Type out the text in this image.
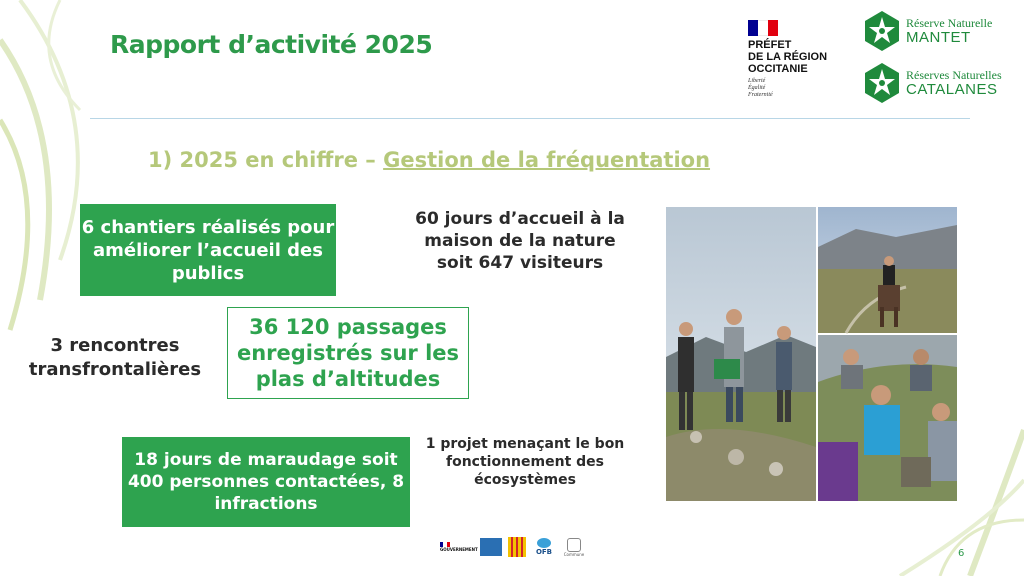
Rapport d’activité 2025	PRÉFET
DE LA RÉGION
OCCITANIE
Liberté
Égalité
Fraternité
Réserve Naturelle
MANTET
Réserves Naturelles
CATALANES
1) 2025 en chiffre – Gestion de la fréquentation
6 chantiers réalisés pour améliorer l’accueil des publics
60 jours d’accueil à la maison de la nature soit 647 visiteurs
3 rencontres transfrontalières
36 120 passages enregistrés sur les plas d’altitudes
18 jours de maraudage soit 400 personnes contactées, 8 infractions
1 projet menaçant le bon fonctionnement des écosystèmes
GOUVERNEMENT	OFB	Commune	6
